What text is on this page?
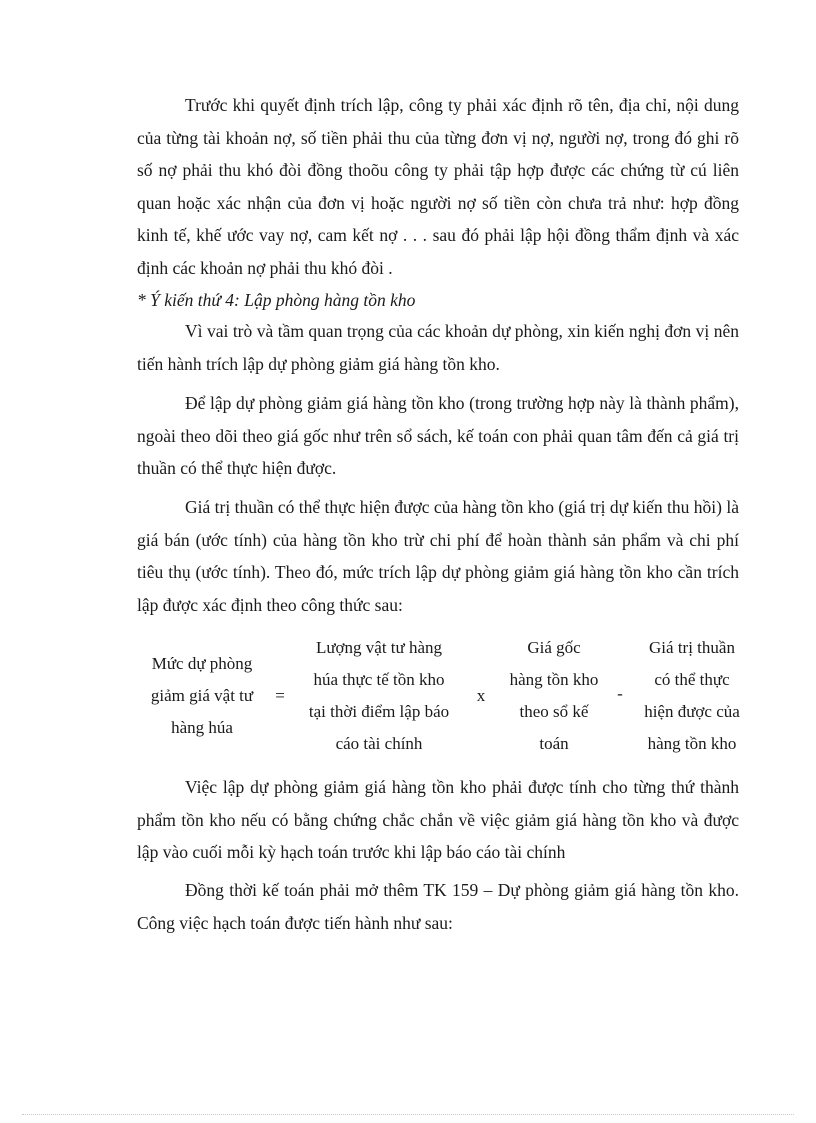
Trước khi quyết định trích lập, công ty phải xác định rõ tên, địa chỉ, nội dung của từng tài khoản nợ, số tiền phải thu của từng đơn vị nợ, người nợ, trong đó ghi rõ số nợ phải thu khó đòi đồng thoõu công ty phải tập hợp được các chứng từ cú liên quan hoặc xác nhận của đơn vị hoặc người nợ số tiền còn chưa trả như: hợp đồng kinh tế, khế ước vay nợ, cam kết nợ . . . sau đó phải lập hội đồng thẩm định và xác định các khoản nợ phải thu khó đòi .

* Ý kiến thứ 4: Lập phòng hàng tồn kho

Vì vai trò và tầm quan trọng của các khoản dự phòng, xin kiến nghị đơn vị nên tiến hành trích lập dự phòng giảm giá hàng tồn kho.

Để lập dự phòng giảm giá hàng tồn kho (trong trường hợp này là thành phẩm), ngoài theo dõi theo giá gốc như trên sổ sách, kế toán con phải quan tâm đến cả giá trị thuần có thể thực hiện được.

Giá trị thuần có thể thực hiện được của hàng tồn kho (giá trị dự kiến thu hồi) là giá bán (ước tính) của hàng tồn kho trừ chi phí để hoàn thành sản phẩm và chi phí tiêu thụ (ước tính). Theo đó, mức trích lập dự phòng giảm giá hàng tồn kho cần trích lập được xác định theo công thức sau:

Mức dự phòng
giảm giá vật tư
hàng húa
=
Lượng vật tư hàng
húa thực tế tồn kho
tại thời điểm lập báo
cáo tài chính
x
Giá gốc
hàng tồn kho
theo sổ kế
toán
-
Giá trị thuần
có thể thực
hiện được của
hàng tồn kho

Việc lập dự phòng giảm giá hàng tồn kho phải được tính cho từng thứ thành phẩm tồn kho nếu có bằng chứng chắc chắn về việc giảm giá hàng tồn kho và được lập vào cuối mỗi kỳ hạch toán trước khi lập báo cáo tài chính

Đồng thời kế toán phải mở thêm TK 159 – Dự phòng giảm giá hàng tồn kho. Công việc hạch toán được tiến hành như sau:
